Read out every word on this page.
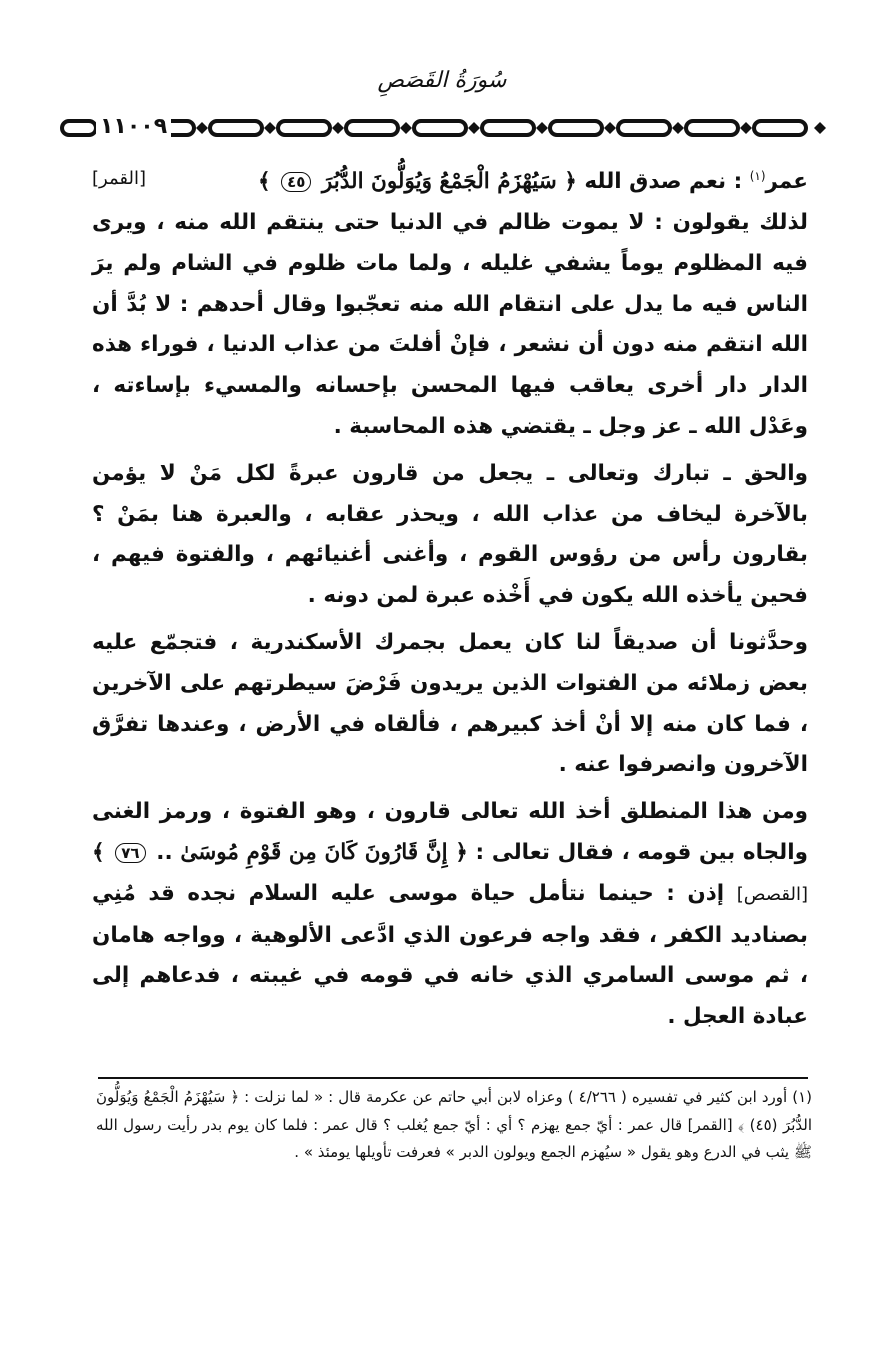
سُورَةُ القَصَصِ
١١٠٠٩
عمر$^{(١)}$ : نعم صدق الله ﴿ سَيُهْزَمُ الْجَمْعُ وَيُوَلُّونَ الدُّبُرَ ٤٥ ﴾
[القمر]

لذلك يقولون : لا يموت ظالم في الدنيا حتى ينتقم الله منه ، ويرى فيه المظلوم يوماً يشفي غليله ، ولما مات ظلوم في الشام ولم يرَ الناس فيه ما يدل على انتقام الله منه تعجّبوا وقال أحدهم : لا بُدَّ أن الله انتقم منه دون أن نشعر ، فإنْ أفلتَ من عذاب الدنيا ، فوراء هذه الدار دار أخرى يعاقب فيها المحسن بإحسانه والمسيء بإساءته ، وعَدْل الله ـ عز وجل ـ يقتضي هذه المحاسبة .

والحق ـ تبارك وتعالى ـ يجعل من قارون عبرةً لكل مَنْ لا يؤمن بالآخرة ليخاف من عذاب الله ، ويحذر عقابه ، والعبرة هنا بمَنْ ؟ بقارون رأس من رؤوس القوم ، وأغنى أغنيائهم ، والفتوة فيهم ، فحين يأخذه الله يكون في أَخْذه عبرة لمن دونه .

وحدَّثونا أن صديقاً لنا كان يعمل بجمرك الأسكندرية ، فتجمّع عليه بعض زملائه من الفتوات الذين يريدون فَرْضَ سيطرتهم على الآخرين ، فما كان منه إلا أنْ أخذ كبيرهم ، فألقاه في الأرض ، وعندها تفرَّق الآخرون وانصرفوا عنه .

ومن هذا المنطلق أخذ الله تعالى قارون ، وهو الفتوة ، ورمز الغنى والجاه بين قومه ، فقال تعالى : ﴿ إِنَّ قَارُونَ كَانَ مِن قَوْمِ مُوسَىٰ .. ٧٦ ﴾ [القصص] إذن : حينما نتأمل حياة موسى عليه السلام نجده قد مُنِي بصناديد الكفر ، فقد واجه فرعون الذي ادَّعى الألوهية ، وواجه هامان ، ثم موسى السامري الذي خانه في قومه في غيبته ، فدعاهم إلى عبادة العجل .

(١) أورد ابن كثير في تفسيره ( ٤/٢٦٦ ) وعزاه لابن أبي حاتم عن عكرمة قال : « لما نزلت : ﴿ سَيُهْزَمُ الْجَمْعُ وَيُوَلُّونَ الدُّبُرَ (٤٥) ﴾ [القمر] قال عمر : أيّ جمع يهزم ؟ أي : أيّ جمع يُغلب ؟ قال عمر : فلما كان يوم بدر رأيت رسول الله ﷺ يثب في الدرع وهو يقول « سيُهزم الجمع ويولون الدبر » فعرفت تأويلها يومئذ » .
